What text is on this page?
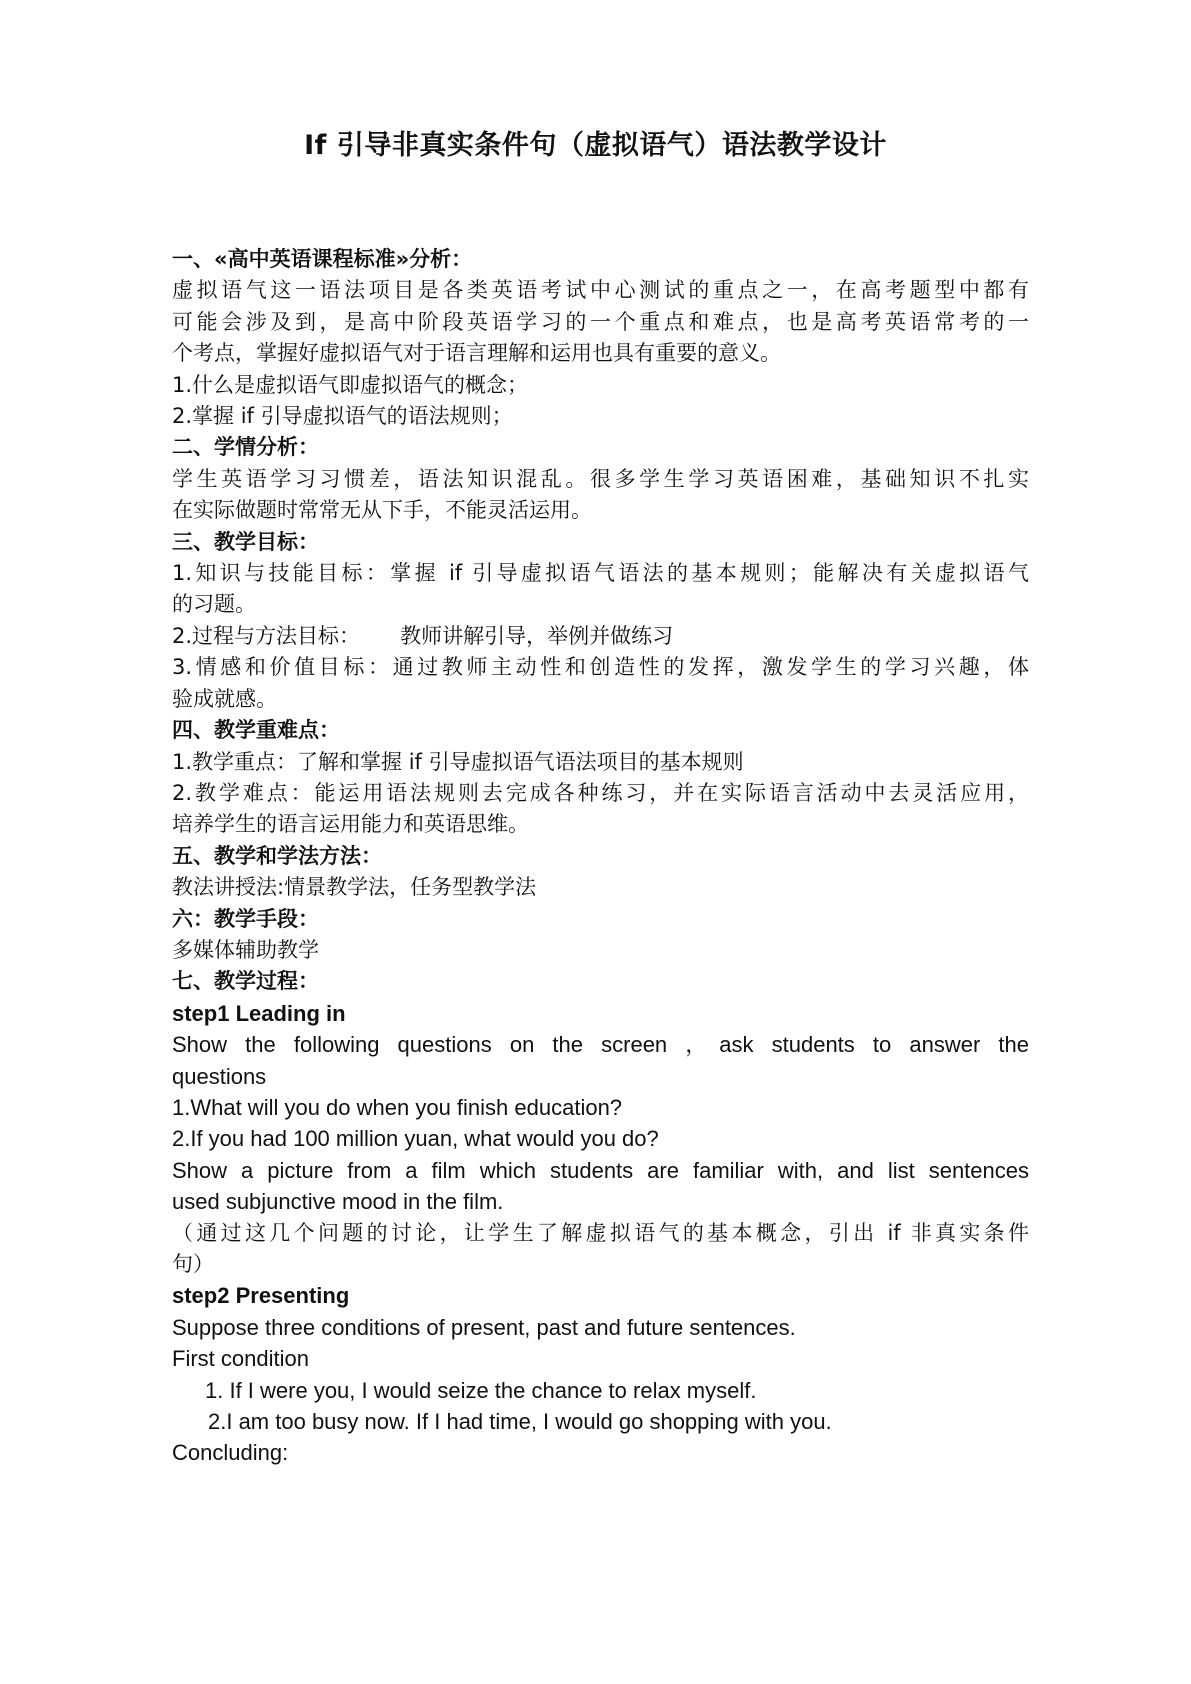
If 引导非真实条件句（虚拟语气）语法教学设计

一、«高中英语课程标准»分析：

虚拟语气这一语法项目是各类英语考试中心测试的重点之一，在高考题型中都有

可能会涉及到，是高中阶段英语学习的一个重点和难点，也是高考英语常考的一

个考点，掌握好虚拟语气对于语言理解和运用也具有重要的意义。

1.什么是虚拟语气即虚拟语气的概念；

2.掌握 if 引导虚拟语气的语法规则；

二、学情分析：

学生英语学习习惯差，语法知识混乱。很多学生学习英语困难，基础知识不扎实

在实际做题时常常无从下手，不能灵活运用。

三、教学目标：

1.知识与技能目标：掌握 if 引导虚拟语气语法的基本规则；能解决有关虚拟语气

的习题。

2.过程与方法目标：      教师讲解引导，举例并做练习

3.情感和价值目标：通过教师主动性和创造性的发挥，激发学生的学习兴趣，体

验成就感。

四、教学重难点：

1.教学重点：了解和掌握 if 引导虚拟语气语法项目的基本规则

2.教学难点：能运用语法规则去完成各种练习，并在实际语言活动中去灵活应用，

培养学生的语言运用能力和英语思维。

五、教学和学法方法：

教法讲授法:情景教学法，任务型教学法

六：教学手段：

多媒体辅助教学

七、教学过程：

step1 Leading in

Show the following questions on the screen ，ask students to answer the

questions

1.What will you do when you finish education?

2.If you had 100 million yuan, what would you do?

Show a picture from a film which students are familiar with, and list sentences

used subjunctive mood in the film.

（通过这几个问题的讨论，让学生了解虚拟语气的基本概念，引出 if 非真实条件

句）

step2 Presenting

Suppose three conditions of present, past and future sentences.

First condition

1. If I were you, I would seize the chance to relax myself.

2.I am too busy now. If I had time, I would go shopping with you.

Concluding:
